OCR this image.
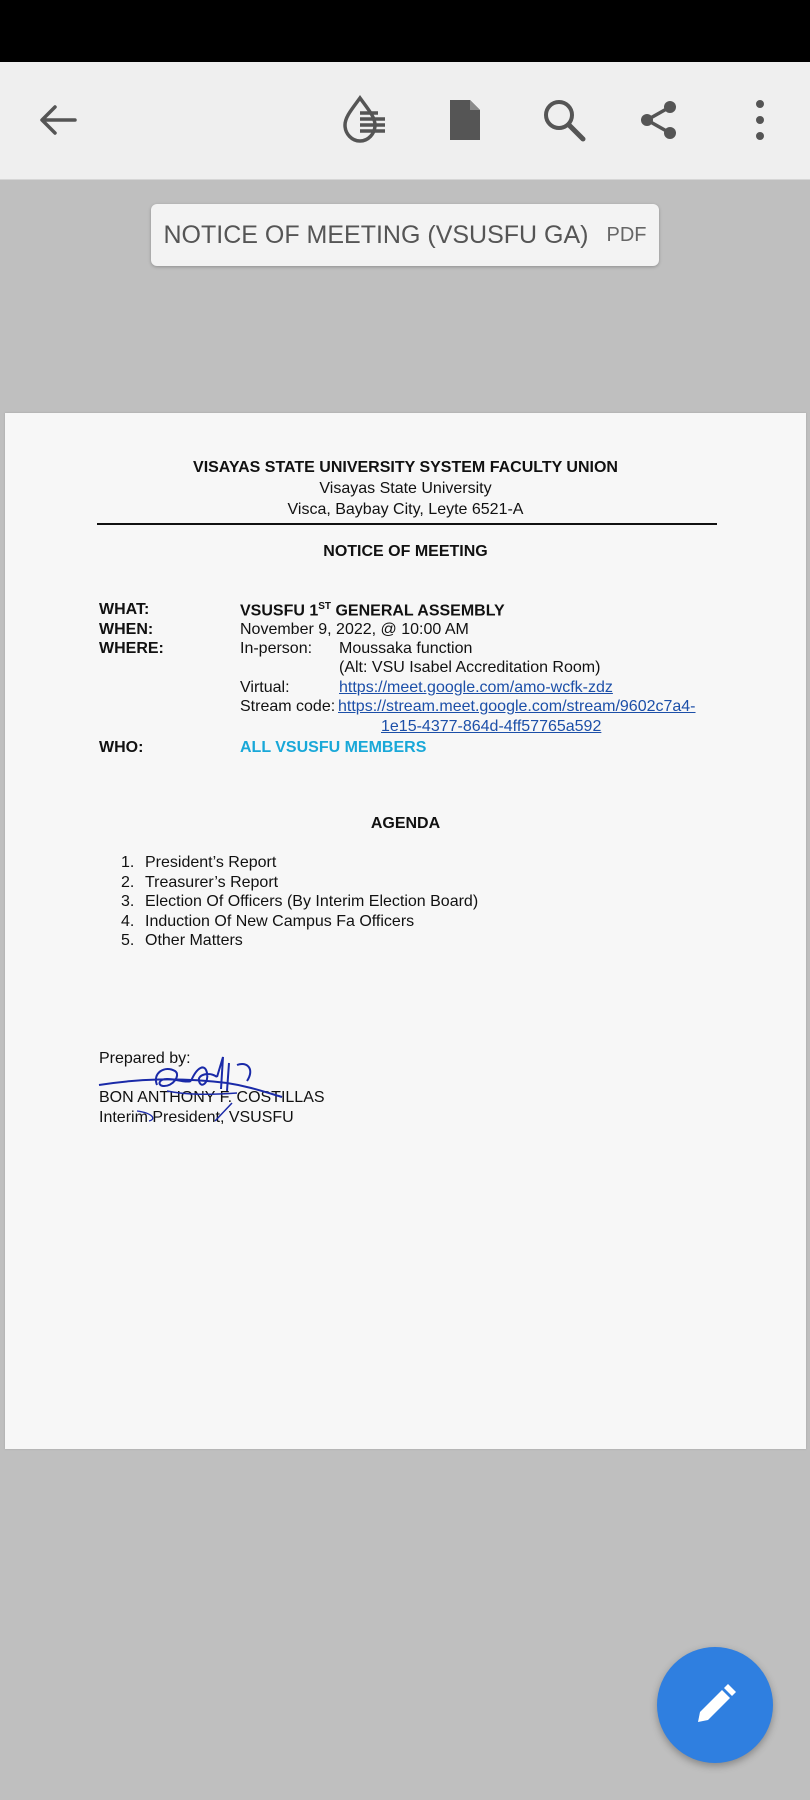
NOTICE OF MEETING (VSUSFU GA) PDF
VISAYAS STATE UNIVERSITY SYSTEM FACULTY UNION
Visayas State University
Visca, Baybay City, Leyte 6521-A
NOTICE OF MEETING
WHAT:	VSUSFU 1ST GENERAL ASSEMBLY
WHEN:	November 9, 2022, @ 10:00 AM
WHERE:	In-person: Moussaka function
(Alt: VSU Isabel Accreditation Room)
Virtual:	https://meet.google.com/amo-wcfk-zdz
Stream code: https://stream.meet.google.com/stream/9602c7a4-
1e15-4377-864d-4ff57765a592
WHO:	ALL VSUSFU MEMBERS
AGENDA
1. President’s Report
2. Treasurer’s Report
3. Election Of Officers (By Interim Election Board)
4. Induction Of New Campus Fa Officers
5. Other Matters
Prepared by:
BON ANTHONY F. COSTILLAS
Interim President, VSUSFU
